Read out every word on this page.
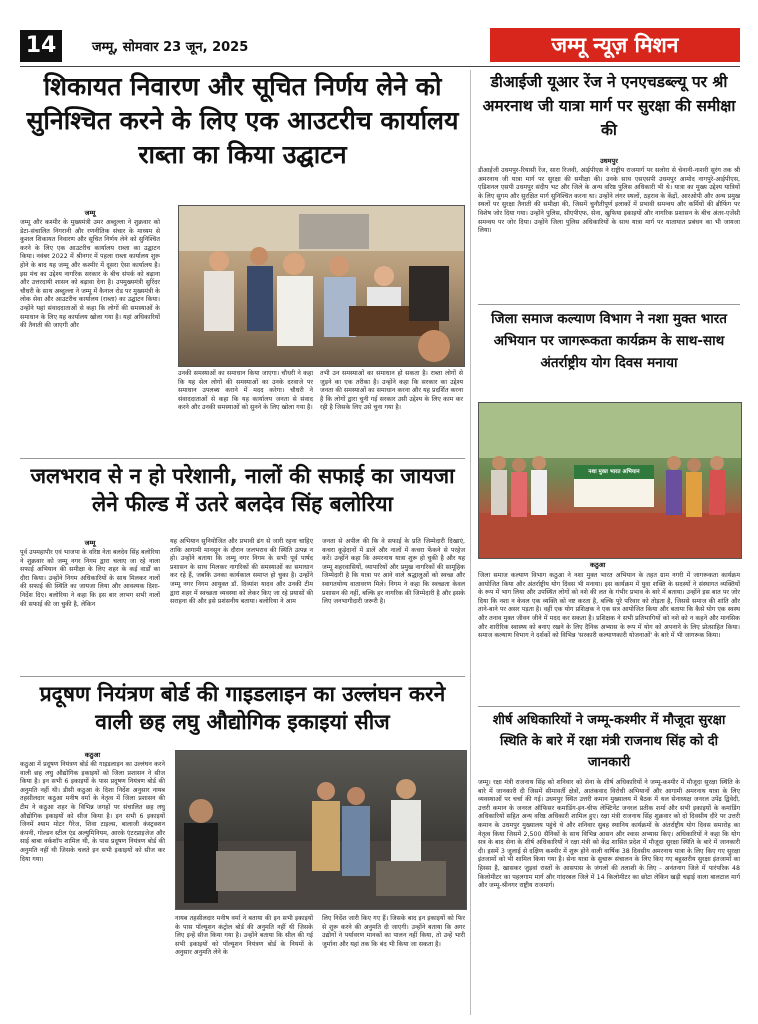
14	जम्मू, सोमवार 23 जून, 2025	जम्मू न्यूज़ मिशन
शिकायत निवारण और सूचित निर्णय लेने को सुनिश्चित करने के लिए एक आउटरीच कार्यालय राब्ता का किया उद्घाटन

जम्मू

जम्मू और कश्मीर के मुख्यमंत्री उमर अब्दुल्ला ने शुक्रवार को डेटा-संचालित निगरानी और रणनीतिक संचार के माध्यम से कुशल शिकायत निवारण और सूचित निर्णय लेने को सुनिश्चित करने के लिए एक आउटरीच कार्यालय राब्ता का उद्घाटन किया। नवंबर 2022 में श्रीनगर में पहला राब्ता कार्यालय शुरू होने के बाद यह जम्मू और कश्मीर में दूसरा ऐसा कार्यालय है। इस मंच का उद्देश्य नागरिक सरकार के बीच संपर्क को बढ़ाना और उत्तरदायी शासन को बढ़ावा देना है। उपमुख्यमंत्री सुरिंदर चौधरी के साथ अब्दुल्ला ने जम्मू में कैनाल रोड पर मुख्यमंत्री के लोक सेवा और आउटरीच कार्यालय (राब्ता) का उद्घाटन किया। उन्होंने यहां संवाददाताओं से कहा कि लोगों की समस्याओं के समाधान के लिए यह कार्यालय खोला गया है। यहां अधिकारियों की तैनाती की जाएगी और

उनकी समस्याओं का समाधान किया जाएगा। चौधरी ने कहा कि यह सेल लोगों की समस्याओं का उनके दरवाजे पर समाधान उपलब्ध कराने में मदद करेगा। चौधरी ने संवाददाताओं से कहा कि यह कार्यालय जनता से संवाद करने और उनकी समस्याओं को सुनने के लिए खोला गया है।

तभी उन समस्याओं का समाधान हो सकता है। राब्ता लोगों से जुड़ने का एक तरीका है। उन्होंने कहा कि सरकार का उद्देश्य जनता की समस्याओं का समाधान करना और यह प्रदर्शित करना है कि लोगों द्वारा चुनी गई सरकार उसी उद्देश्य के लिए काम कर रही है जिसके लिए उसे चुना गया है।

जलभराव से न हो परेशानी, नालों की सफाई का जायजा लेने फील्ड में उतरे बलदेव सिंह बलोरिया

जम्मू

पूर्व उपमहापौर एवं भाजपा के वरिष्ठ नेता बलदेव सिंह बलोरिया ने शुक्रवार को जम्मू नगर निगम द्वारा चलाए जा रहे नाला सफाई अभियान की समीक्षा के लिए शहर के कई वार्डों का दौरा किया। उन्होंने निगम अधिकारियों के साथ मिलकर नालों की सफाई की स्थिति का जायजा लिया और आवश्यक दिशा-निर्देश दिए। बलोरिया ने कहा कि इस बार लाभग सभी नालों की सफाई की जा चुकी है, लेकिन

यह अभियान सुनियोजित और प्रभावी ढंग से जारी रहना चाहिए ताकि आगामी मानसून के दौरान जलभराव की स्थिति उत्पन्न न हो। उन्होंने बताया कि जम्मू नगर निगम के सभी पूर्व पार्षद प्रशासन के साथ मिलकर नागरिकों की समस्याओं का समाधान कर रहे हैं, जबकि उनका कार्यकाल समाप्त हो चुका है। उन्होंने जम्मू नगर निगम आयुक्त डॉ. दिव्यांश यादव और उनकी टीम द्वारा शहर में स्वच्छता व्यवस्था को लेकर किए जा रहे प्रयासों की सराहना की और इसे प्रशंसनीय बताया। बलोरिया ने आम

जनता से अपील की कि वे सफाई के प्रति जिम्मेदारी दिखाएं, कचरा कूड़ेदानों में डालें और नालों में कचरा फेंकने से परहेज करें। उन्होंने कहा कि अमरनाथ यात्रा शुरू हो चुकी है और यह जम्मू शहरवासियों, व्यापारियों और प्रमुख नागरिकों की सामूहिक जिम्मेदारी है कि यात्रा पर आने वाले श्रद्धालुओं को स्वच्छ और स्वागतयोग्य वातावरण मिले। निगम ने कहा कि स्वच्छता केवल प्रशासन की नहीं, बल्कि हर नागरिक की जिम्मेदारी है और इसके लिए जनभागीदारी जरूरी है।

प्रदूषण नियंत्रण बोर्ड की गाइडलाइन का उल्लंघन करने वाली छह लघु औद्योगिक इकाइयां सीज

कठुआ

कठुआ में प्रदूषण नियंत्रण बोर्ड की गाइडलाइन का उल्लंघन करने वाली छह लघु औद्योगिक इकाइयों को जिला प्रशासन ने सीज किया है। इन सभी 6 इकाइयों के पास प्रदूषण नियंत्रण बोर्ड की अनुमति नहीं थी। डीसी कठुआ के दिशा निर्देश अनुसार नायब तहसीलदार कठुआ मनीष वर्मा के नेतृत्व में जिला प्रशासन की टीम ने कठुआ शहर के विभिन्न जगहों पर संचालित छह लघु औद्योगिक इकाइयों को सीज किया है। इन सभी 6 इकाइयों जिनमें श्याम मोटर गैरेज, शिवा टाइल्स, बालाजी कंस्ट्रक्शन कंपनी, गोल्डन स्टील एंड अल्युमिनियम, आरके एंटरप्राइजेज और साई बाबा वर्कशॉप शामिल थी, के पास प्रदूषण नियंत्रण बोर्ड की अनुमति नहीं थी जिसके चलते इन सभी इकाइयों को सीज कर दिया गया।

नायब तहसीलदार मनीष वर्मा ने बताया की इन सभी इकाइयों के पास पॉल्यूशन कंट्रोल बोर्ड की अनुमति नहीं थी जिसके लिए इन्हें सीज किया गया है। उन्होंने बताया कि सील की गई सभी इकाइयों को पॉल्यूशन नियंत्रण बोर्ड के नियमों के अनुसार अनुमति लेने के

लिए निर्देश जारी किए गए हैं। जिसके बाद इन इकाइयों को फिर से शुरू करने की अनुमति दी जाएगी। उन्होंने बताया कि अगर उद्योगों ने पर्यावरण मानकों का पालन नहीं किया, तो उन्हें भारी जुर्माना और यहां तक कि बंद भी किया जा सकता है।

डीआईजी यूआर रेंज ने एनएचडब्ल्यू पर श्री अमरनाथ जी यात्रा मार्ग पर सुरक्षा की समीक्षा की

उधमपुर

डीआईजी उधमपुर-रियासी रेंज, सारा रिजवी, आईपीएस ने राष्ट्रीय राजमार्ग पर सलोरा से चेनानी-नाशरी सुरंग तक श्री अमरनाथ जी यात्रा मार्ग पर सुरक्षा की समीक्षा की। उनके साथ एसएसपी उधमपुर आमोद नागपुरे-आईपीएस, एडिशनल एसपी उधमपुर संदीप भट और जिले के अन्य वरिष्ठ पुलिस अधिकारी भी थे। यात्रा का मुख्य उद्देश्य यात्रियों के लिए सुगम और सुरक्षित मार्ग सुनिश्चित करना था। उन्होंने लंगर स्थलों, ठहराव के केंद्रों, आरओपी और अन्य प्रमुख स्थलों पर सुरक्षा तैनाती की समीक्षा की, जिसमें चुनौतीपूर्ण इलाकों में प्रभावी समन्वय और कर्मियों की ब्रीफिंग पर विशेष जोर दिया गया। उन्होंने पुलिस, सीएपीएफ, सेना, खुफिया इकाइयों और नागरिक प्रशासन के बीच अंतर-एजेंसी समन्वय पर जोर दिया। उन्होंने जिला पुलिस अधिकारियों के साथ यात्रा मार्ग पर यातायात प्रबंधन का भी जायजा लिया।

जिला समाज कल्याण विभाग ने नशा मुक्त भारत अभियान पर जागरूकता कार्यक्रम के साथ-साथ अंतर्राष्ट्रीय योग दिवस मनाया
नशा मुक्त भारत अभियान
कठुआ

जिला समाज कल्याण विभाग कठुआ ने नशा मुक्त भारत अभियान के तहत ग्राम नगरी में जागरूकता कार्यक्रम आयोजित किया और अंतर्राष्ट्रीय योग दिवस भी मनाया। इस कार्यक्रम में युवा शक्ति के सदस्यों ने संस्थागत व्यक्तियों के रूप में भाग लिया और उपस्थित लोगों को नशे की लत के गंभीर प्रभाव के बारे में बताया। उन्होंने इस बात पर जोर दिया कि नशा न केवल एक व्यक्ति को नष्ट करता है, बल्कि पूरे परिवार को तोड़ता है, जिससे समाज की शांति और ताने-बाने पर असर पड़ता है। वहीं एक योग प्रशिक्षक ने एक सत्र आयोजित किया और बताया कि कैसे योग एक स्वस्थ और तनाव मुक्त जीवन जीने में मदद कर सकता है। प्रशिक्षक ने सभी प्रतिभागियों को नशे को न कहने और मानसिक और शारीरिक स्वास्थ्य को बनाए रखने के लिए दैनिक अभ्यास के रूप में योग को अपनाने के लिए प्रोत्साहित किया। समाज कल्याण विभाग ने दर्शकों को विभिन्न 'सरकारी कल्याणकारी योजनाओं' के बारे में भी जागरूक किया।

शीर्ष अधिकारियों ने जम्मू-कश्मीर में मौजूदा सुरक्षा स्थिति के बारे में रक्षा मंत्री राजनाथ सिंह को दी जानकारी

जम्मू। रक्षा मंत्री राजनाथ सिंह को शनिवार को सेना के शीर्ष अधिकारियों ने जम्मू-कश्मीर में मौजूदा सुरक्षा स्थिति के बारे में जानकारी दी जिसमें सीमावर्ती क्षेत्रों, आतंकवाद विरोधी अभियानों और आगामी अमरनाथ यात्रा के लिए व्यवस्थाओं पर चर्चा की गई। उधमपुर स्थित उत्तरी कमान मुख्यालय में बैठक में थल सेनाध्यक्ष जनरल उपेंद्र द्विवेदी, उत्तरी कमान के जनरल ऑफिसर कमांडिंग-इन-चीफ लेफ्टिनेंट जनरल प्रतीक शर्मा और सभी इकाइयों के कमांडिंग अधिकारियों सहित अन्य वरिष्ठ अधिकारी शामिल हुए। रक्षा मंत्री राजनाथ सिंह शुक्रवार को दो दिवसीय दौरे पर उत्तरी कमान के उधमपुर मुख्यालय पहुंचे थे और शनिवार सुबह स्थानिय कार्यक्रमों के अंतर्राष्ट्रीय योग दिवस समारोह का नेतृत्व किया जिसमें 2,500 सैनिकों के साथ विभिन्न आसन और श्वास अभ्यास किए। अधिकारियों ने कहा कि योग सत्र के बाद सेना के शीर्ष अधिकारियों ने रक्षा मंत्री को केंद्र शासित प्रदेश में मौजूदा सुरक्षा स्थिति के बारे में जानकारी दी। इसमें 3 जुलाई से दक्षिण कश्मीर में शुरू होने वाली वार्षिक 38 दिवसीय अमरनाथ यात्रा के लिए किए गए सुरक्षा इंतजामों को भी शामिल किया गया है। सेना यात्रा के सुचारू संचालन के लिए किए गए बहुस्तरीय सुरक्षा इंतजामों का हिस्सा है, खासकर जुड़वां रास्तों के आसपास के जंगलों की तलाशी के लिए - अनंतनाग जिले में पारंपरिक 48 किलोमीटर का पहलगाम मार्ग और गांदरबल जिले में 14 किलोमीटर का छोटा लेकिन खड़ी चढ़ाई वाला बालटाल मार्ग और जम्मू-श्रीनगर राष्ट्रीय राजमार्ग।
